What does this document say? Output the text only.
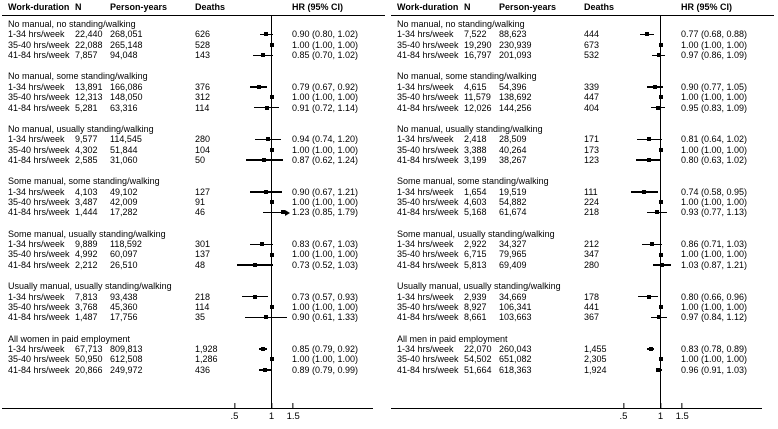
Work-duration N	Person-years	Deaths	HR (95% CI)
No manual, no standing/walking
1-34 hrs/week 22,440 268,051	626	0.90 (0.80, 1.02)
35-40 hrs/week 22,088 265,148	528	1.00 (1.00, 1.00)
41-84 hrs/week 7,857 94,048	143	0.85 (0.70, 1.02)
No manual, some standing/walking
1-34 hrs/week 13,891 166,086	376	0.79 (0.67, 0.92)
35-40 hrs/week 12,313 148,050	312	1.00 (1.00, 1.00)
41-84 hrs/week 5,281 63,316	114	0.91 (0.72, 1.14)
No manual, usually standing/walking
1-34 hrs/week 9,577 114,545	280	0.94 (0.74, 1.20)
35-40 hrs/week 4,302 51,844	104	1.00 (1.00, 1.00)
41-84 hrs/week 2,585 31,060	50	0.87 (0.62, 1.24)
Some manual, some standing/walking
1-34 hrs/week 4,103 49,102	127	0.90 (0.67, 1.21)
35-40 hrs/week 3,487 42,009	91	1.00 (1.00, 1.00)
41-84 hrs/week 1,444 17,282	46	1.23 (0.85, 1.79)
Some manual, usually standing/walking
1-34 hrs/week 9,889 118,592	301	0.83 (0.67, 1.03)
35-40 hrs/week 4,992 60,097	137	1.00 (1.00, 1.00)
41-84 hrs/week 2,212 26,510	48	0.73 (0.52, 1.03)
Usually manual, usually standing/walking
1-34 hrs/week 7,813 93,438	218	0.73 (0.57, 0.93)
35-40 hrs/week 3,768 45,360	114	1.00 (1.00, 1.00)
41-84 hrs/week 1,487 17,756	35	0.90 (0.61, 1.33)
All women in paid employment
1-34 hrs/week 67,713 809,813	1,928	0.85 (0.79, 0.92)
35-40 hrs/week 50,950 612,508	1,286	1.00 (1.00, 1.00)
41-84 hrs/week 20,866 249,972	436	0.89 (0.79, 0.99)
.5	1 1.5
Work-duration N	Person-years	Deaths	HR (95% CI)
No manual, no standing/walking
1-34 hrs/week 7,522 88,623	444	0.77 (0.68, 0.88)
35-40 hrs/week 19,290 230,939	673	1.00 (1.00, 1.00)
41-84 hrs/week 16,797 201,093	532	0.97 (0.86, 1.09)
No manual, some standing/walking
1-34 hrs/week 4,615 54,396	339	0.90 (0.77, 1.05)
35-40 hrs/week 11,579 138,692	447	1.00 (1.00, 1.00)
41-84 hrs/week 12,026 144,256	404	0.95 (0.83, 1.09)
No manual, usually standing/walking
1-34 hrs/week 2,418 28,509	171	0.81 (0.64, 1.02)
35-40 hrs/week 3,388 40,264	173	1.00 (1.00, 1.00)
41-84 hrs/week 3,199 38,267	123	0.80 (0.63, 1.02)
Some manual, some standing/walking
1-34 hrs/week 1,654 19,519	111	0.74 (0.58, 0.95)
35-40 hrs/week 4,603 54,882	224	1.00 (1.00, 1.00)
41-84 hrs/week 5,168 61,674	218	0.93 (0.77, 1.13)
Some manual, usually standing/walking
1-34 hrs/week 2,922 34,327	212	0.86 (0.71, 1.03)
35-40 hrs/week 6,715 79,965	347	1.00 (1.00, 1.00)
41-84 hrs/week 5,813 69,409	280	1.03 (0.87, 1.21)
Usually manual, usually standing/walking
1-34 hrs/week 2,939 34,669	178	0.80 (0.66, 0.96)
35-40 hrs/week 8,927 106,341	441	1.00 (1.00, 1.00)
41-84 hrs/week 8,661 103,663	367	0.97 (0.84, 1.12)
All men in paid employment
1-34 hrs/week 22,070 260,043	1,455	0.83 (0.78, 0.89)
35-40 hrs/week 54,502 651,082	2,305	1.00 (1.00, 1.00)
41-84 hrs/week 51,664 618,363	1,924	0.96 (0.91, 1.03)
.5	1 1.5
